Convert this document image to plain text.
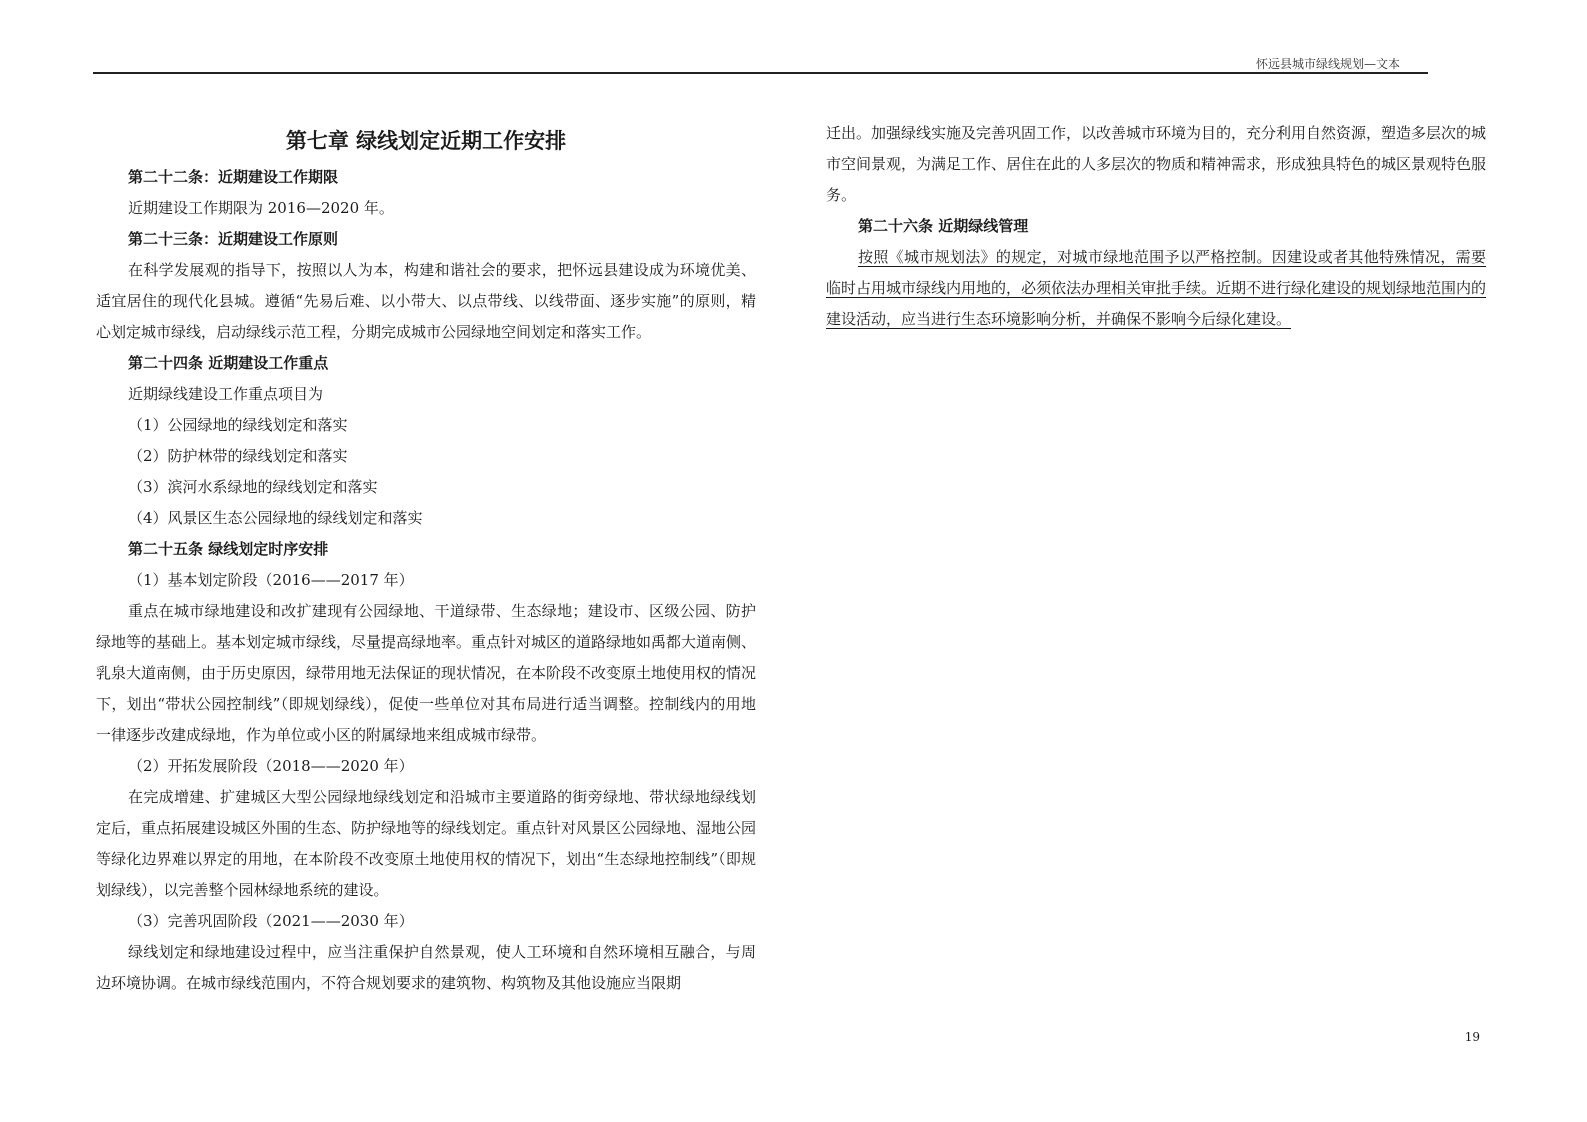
怀远县城市绿线规划—文本
第七章 绿线划定近期工作安排

第二十二条：近期建设工作期限

近期建设工作期限为 2016—2020 年。

第二十三条：近期建设工作原则

在科学发展观的指导下，按照以人为本，构建和谐社会的要求，把怀远县建设成为环境优美、适宜居住的现代化县城。遵循“先易后难、以小带大、以点带线、以线带面、逐步实施”的原则，精心划定城市绿线，启动绿线示范工程，分期完成城市公园绿地空间划定和落实工作。

第二十四条 近期建设工作重点

近期绿线建设工作重点项目为

（1）公园绿地的绿线划定和落实

（2）防护林带的绿线划定和落实

（3）滨河水系绿地的绿线划定和落实

（4）风景区生态公园绿地的绿线划定和落实

第二十五条 绿线划定时序安排

（1）基本划定阶段（2016——2017 年）

重点在城市绿地建设和改扩建现有公园绿地、干道绿带、生态绿地；建设市、区级公园、防护绿地等的基础上。基本划定城市绿线，尽量提高绿地率。重点针对城区的道路绿地如禹都大道南侧、乳泉大道南侧，由于历史原因，绿带用地无法保证的现状情况，在本阶段不改变原土地使用权的情况下，划出“带状公园控制线”（即规划绿线），促使一些单位对其布局进行适当调整。控制线内的用地一律逐步改建成绿地，作为单位或小区的附属绿地来组成城市绿带。

（2）开拓发展阶段（2018——2020 年）

在完成增建、扩建城区大型公园绿地绿线划定和沿城市主要道路的街旁绿地、带状绿地绿线划定后，重点拓展建设城区外围的生态、防护绿地等的绿线划定。重点针对风景区公园绿地、湿地公园等绿化边界难以界定的用地，在本阶段不改变原土地使用权的情况下，划出“生态绿地控制线”（即规划绿线），以完善整个园林绿地系统的建设。

（3）完善巩固阶段（2021——2030 年）

绿线划定和绿地建设过程中，应当注重保护自然景观，使人工环境和自然环境相互融合，与周边环境协调。在城市绿线范围内，不符合规划要求的建筑物、构筑物及其他设施应当限期

迁出。加强绿线实施及完善巩固工作，以改善城市环境为目的，充分利用自然资源，塑造多层次的城市空间景观，为满足工作、居住在此的人多层次的物质和精神需求，形成独具特色的城区景观特色服务。

第二十六条 近期绿线管理

按照《城市规划法》的规定，对城市绿地范围予以严格控制。因建设或者其他特殊情况，需要临时占用城市绿线内用地的，必须依法办理相关审批手续。近期不进行绿化建设的规划绿地范围内的建设活动，应当进行生态环境影响分析，并确保不影响今后绿化建设。

19
